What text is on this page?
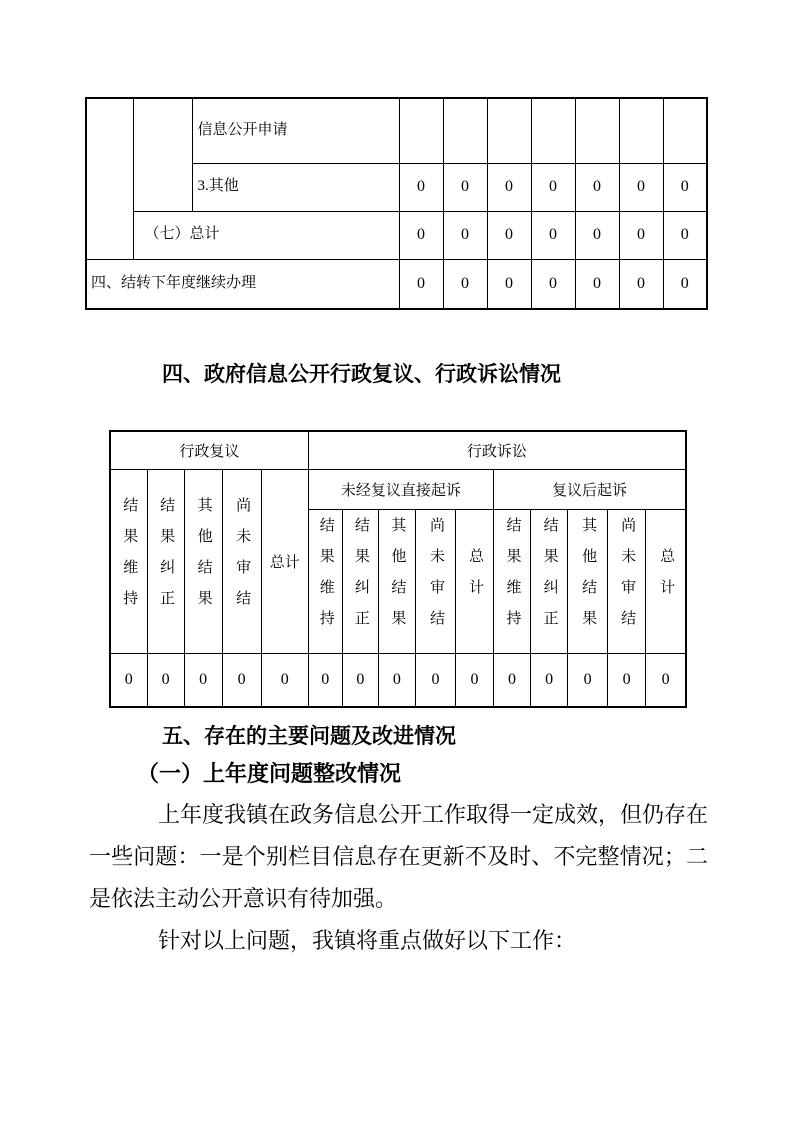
		信息公开申请							
		3.其他	0	0	0	0	0	0	0
	（七）总计		0	0	0	0	0	0	0
四、结转下年度继续办理			0	0	0	0	0	0	0
四、政府信息公开行政复议、行政诉讼情况
行政复议					行政诉讼									
结果维持	结果纠正	其他结果	尚未审结	总计	未经复议直接起诉					复议后起诉				
					结果维持	结果纠正	其他结果	尚未审结	总计	结果维持	结果纠正	其他结果	尚未审结	总计
0	0	0	0	0	0	0	0	0	0	0	0	0	0	0
五、存在的主要问题及改进情况
（一）上年度问题整改情况

上年度我镇在政务信息公开工作取得一定成效，但仍存在一些问题：一是个别栏目信息存在更新不及时、不完整情况；二是依法主动公开意识有待加强。

针对以上问题，我镇将重点做好以下工作：
